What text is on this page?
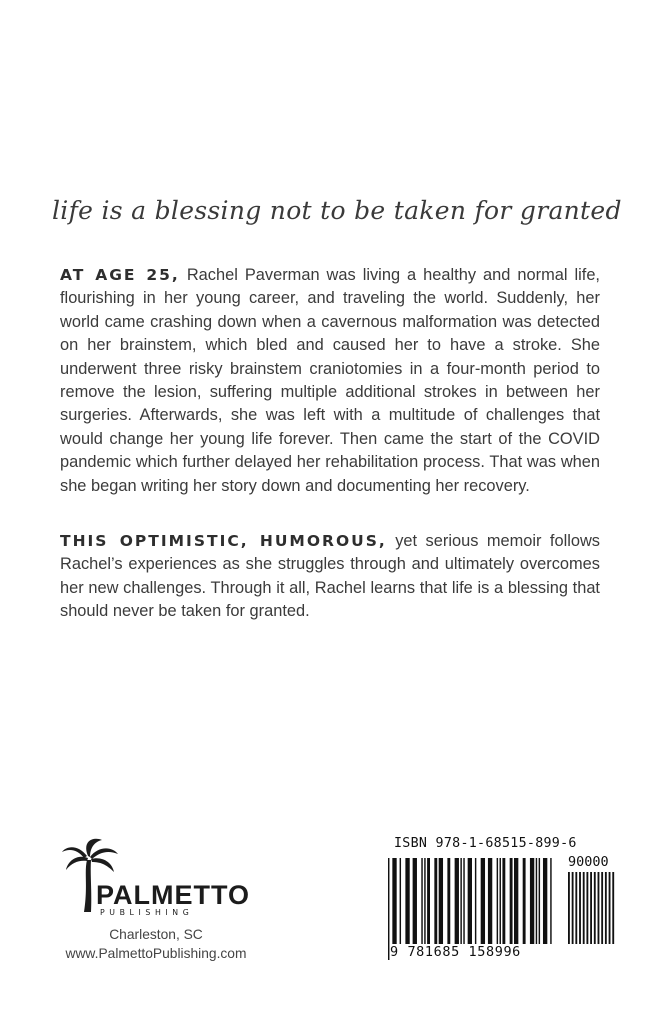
life is a blessing not to be taken for granted

AT AGE 25, Rachel Paverman was living a healthy and normal life, flourishing in her young career, and traveling the world. Suddenly, her world came crashing down when a cavernous malformation was detected on her brainstem, which bled and caused her to have a stroke. She underwent three risky brainstem craniotomies in a four-month period to remove the lesion, suffering multiple additional strokes in between her surgeries. Afterwards, she was left with a multitude of challenges that would change her young life forever. Then came the start of the COVID pandemic which further delayed her rehabilitation process. That was when she began writing her story down and documenting her recovery.

THIS OPTIMISTIC, HUMOROUS, yet serious memoir follows Rachel’s experiences as she struggles through and ultimately overcomes her new challenges. Through it all, Rachel learns that life is a blessing that should never be taken for granted.

PALMETTO
PUBLISHING
Charleston, SC
www.PalmettoPublishing.com
ISBN 978-1-68515-899-6
90000
9 781685 158996
